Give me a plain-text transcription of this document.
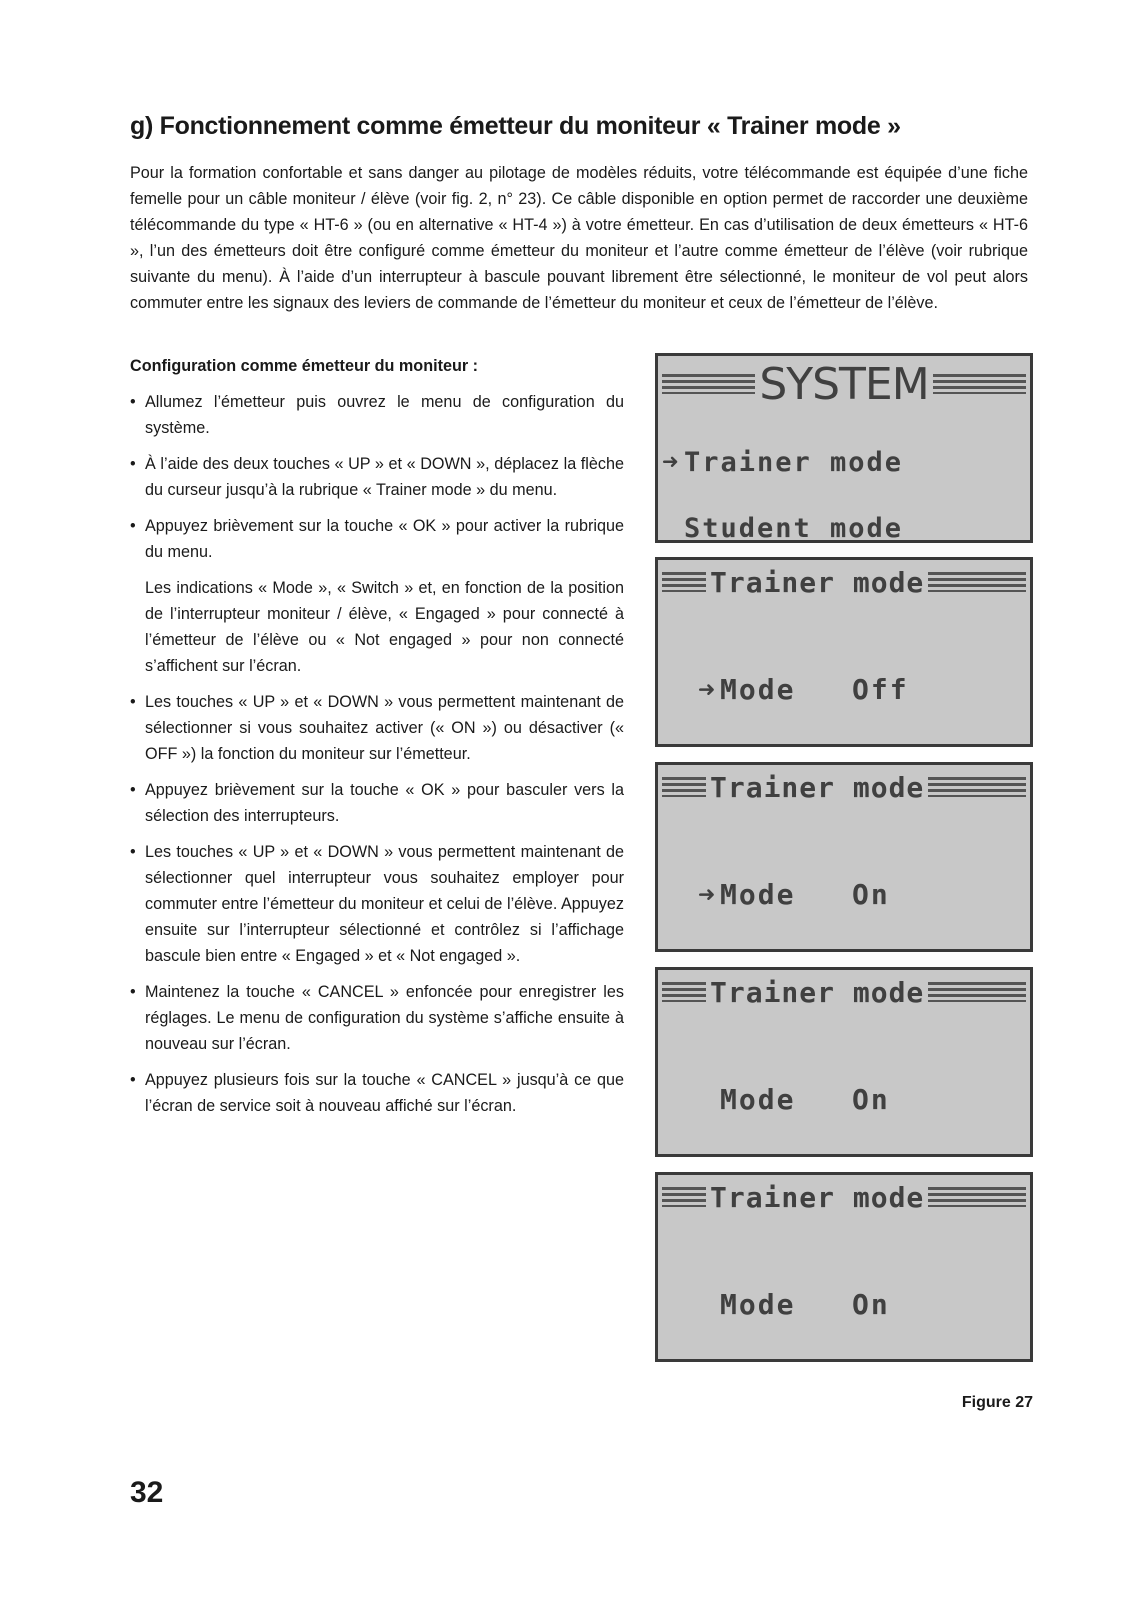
g) Fonctionnement comme émetteur du moniteur « Trainer mode »

Pour la formation confortable et sans danger au pilotage de modèles réduits, votre télécommande est équipée d’une fiche femelle pour un câble moniteur / élève (voir fig. 2, n° 23). Ce câble disponible en option permet de raccorder une deuxième télécommande du type « HT-6 » (ou en alternative « HT-4 ») à votre émetteur. En cas d’utilisation de deux émetteurs « HT-6 », l’un des émetteurs doit être configuré comme émetteur du moniteur et l’autre comme émetteur de l’élève (voir rubrique suivante du menu). À l’aide d’un interrupteur à bascule pouvant librement être sélectionné, le moniteur de vol peut alors commuter entre les signaux des leviers de commande de l’émetteur du moniteur et ceux de l’émetteur de l’élève.

Configuration comme émetteur du moniteur :
• Allumez l’émetteur puis ouvrez le menu de configuration du système.
• À l’aide des deux touches « UP » et « DOWN », déplacez la flèche du curseur jusqu’à la rubrique « Trainer mode » du menu.
• Appuyez brièvement sur la touche « OK » pour activer la rubrique du menu.
Les indications « Mode », « Switch » et, en fonction de la position de l’interrupteur moniteur / élève, « Engaged » pour connecté à l’émetteur de l’élève ou « Not engaged » pour non connecté s’affichent sur l’écran.
• Les touches « UP » et « DOWN » vous permettent maintenant de sélectionner si vous souhaitez activer (« ON ») ou désactiver (« OFF ») la fonction du moniteur sur l’émetteur.
• Appuyez brièvement sur la touche « OK » pour basculer vers la sélection des interrupteurs.
• Les touches « UP » et « DOWN » vous permettent maintenant de sélectionner quel interrupteur vous souhaitez employer pour commuter entre l’émetteur du moniteur et celui de l’élève. Appuyez ensuite sur l’interrupteur sélectionné et contrôlez si l’affichage bascule bien entre « Engaged » et « Not engaged ».
• Maintenez la touche « CANCEL » enfoncée pour enregistrer les réglages. Le menu de configuration du système s’affiche ensuite à nouveau sur l’écran.
• Appuyez plusieurs fois sur la touche « CANCEL » jusqu’à ce que l’écran de service soit à nouveau affiché sur l’écran.
SYSTEM

➜ Trainer mode

Student mode

Trainer mode

➜ Mode   Off

Trainer mode

➜ Mode   On

Trainer mode

Mode   On

Trainer mode

Mode   On

Figure 27
32
